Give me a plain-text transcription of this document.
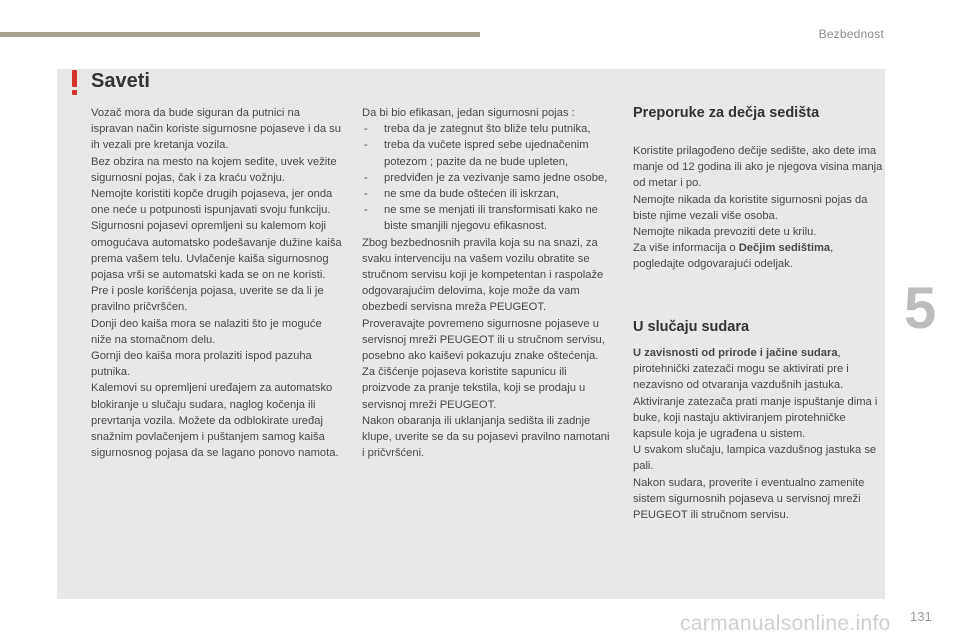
Bezbednost
5
Saveti

Vozač mora da bude siguran da putnici na ispravan način koriste sigurnosne pojaseve i da su ih vezali pre kretanja vozila.

Bez obzira na mesto na kojem sedite, uvek vežite sigurnosni pojas, čak i za kraću vožnju.

Nemojte koristiti kopče drugih pojaseva, jer onda one neće u potpunosti ispunjavati svoju funkciju.

Sigurnosni pojasevi opremljeni su kalemom koji omogućava automatsko podešavanje dužine kaiša prema vašem telu. Uvlačenje kaiša sigurnosnog pojasa vrši se automatski kada se on ne koristi.

Pre i posle korišćenja pojasa, uverite se da li je pravilno pričvršćen.

Donji deo kaiša mora se nalaziti što je moguće niže na stomačnom delu.

Gornji deo kaiša mora prolaziti ispod pazuha putnika.

Kalemovi su opremljeni uređajem za automatsko blokiranje u slučaju sudara, naglog kočenja ili prevrtanja vozila. Možete da odblokirate uređaj snažnim povlačenjem i puštanjem samog kaiša sigurnosnog pojasa da se lagano ponovo namota.

Da bi bio efikasan, jedan sigurnosni pojas :

- treba da je zategnut što bliže telu putnika,
- treba da vučete ispred sebe ujednačenim potezom ; pazite da ne bude upleten,
- predviđen je za vezivanje samo jedne osobe,
- ne sme da bude oštećen ili iskrzan,
- ne sme se menjati ili transformisati kako ne biste smanjili njegovu efikasnost.

Zbog bezbednosnih pravila koja su na snazi, za svaku intervenciju na vašem vozilu obratite se stručnom servisu koji je kompetentan i raspolaže odgovarajućim delovima, koje može da vam obezbedi servisna mreža PEUGEOT.

Proveravajte povremeno sigurnosne pojaseve u servisnoj mreži PEUGEOT ili u stručnom servisu, posebno ako kaiševi pokazuju znake oštećenja.

Za čišćenje pojaseva koristite sapunicu ili proizvode za pranje tekstila, koji se prodaju u servisnoj mreži PEUGEOT.

Nakon obaranja ili uklanjanja sedišta ili zadnje klupe, uverite se da su pojasevi pravilno namotani i pričvršćeni.

Preporuke za dečja sedišta

Koristite prilagođeno dečije sedište, ako dete ima manje od 12 godina ili ako je njegova visina manja od metar i po.

Nemojte nikada da koristite sigurnosni pojas da biste njime vezali više osoba.

Nemojte nikada prevoziti dete u krilu.

Za više informacija o Dečjim sedištima, pogledajte odgovarajući odeljak.

U slučaju sudara

U zavisnosti od prirode i jačine sudara, pirotehnički zatezači mogu se aktivirati pre i nezavisno od otvaranja vazdušnih jastuka.

Aktiviranje zatezača prati manje ispuštanje dima i buke, koji nastaju aktiviranjem pirotehničke kapsule koja je ugrađena u sistem.

U svakom slučaju, lampica vazdušnog jastuka se pali.

Nakon sudara, proverite i eventualno zamenite sistem sigurnosnih pojaseva u servisnoj mreži PEUGEOT ili stručnom servisu.

131
carmanualsonline.info
